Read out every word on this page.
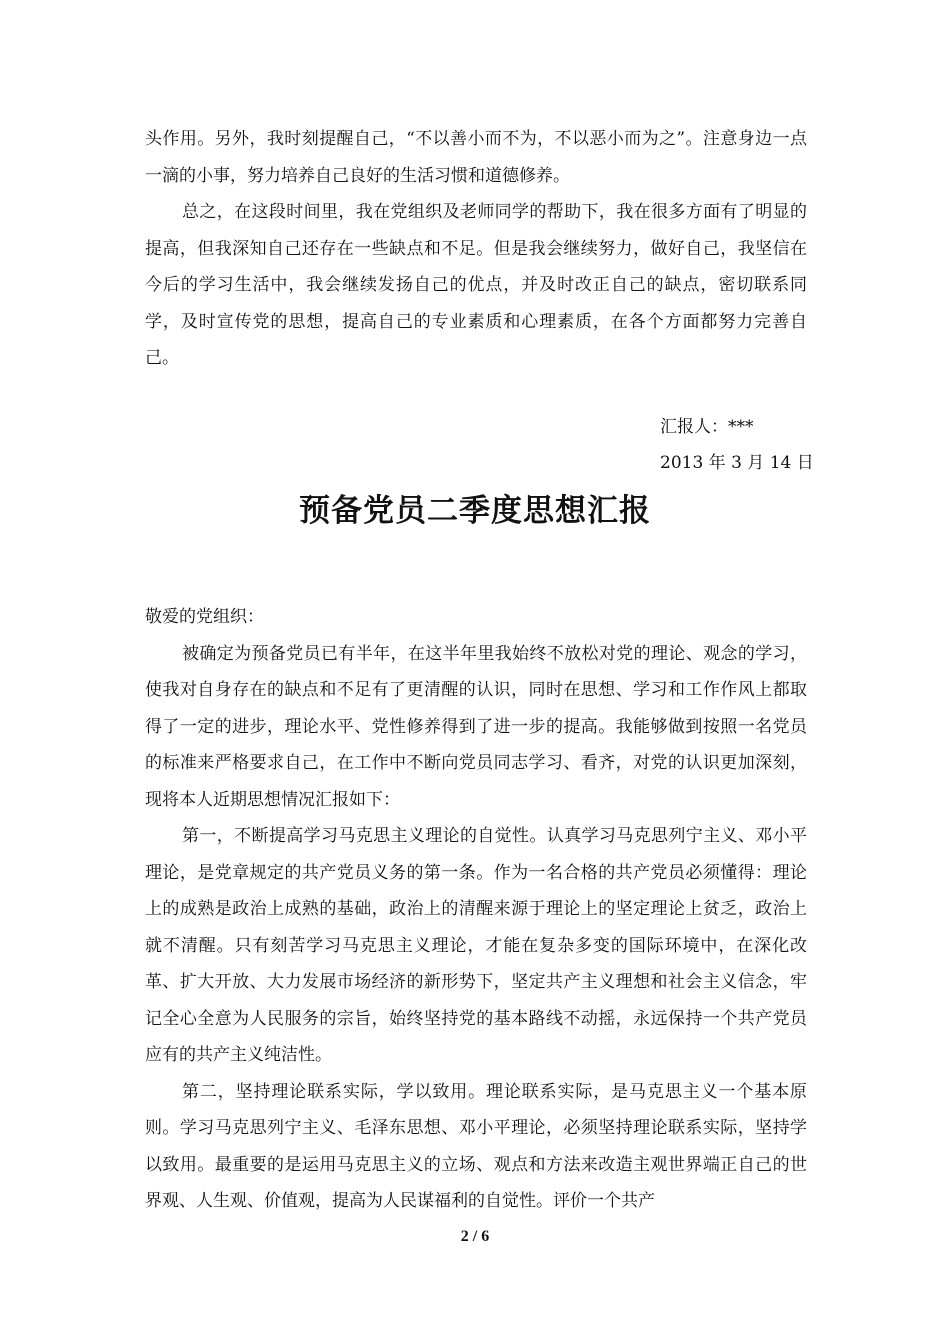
头作用。另外，我时刻提醒自己，“不以善小而不为，不以恶小而为之”。注意身边一点一滴的小事，努力培养自己良好的生活习惯和道德修养。

总之，在这段时间里，我在党组织及老师同学的帮助下，我在很多方面有了明显的提高，但我深知自己还存在一些缺点和不足。但是我会继续努力，做好自己，我坚信在今后的学习生活中，我会继续发扬自己的优点，并及时改正自己的缺点，密切联系同学，及时宣传党的思想，提高自己的专业素质和心理素质，在各个方面都努力完善自己。

汇报人：***
2013 年 3 月 14 日
预备党员二季度思想汇报

敬爱的党组织：

被确定为预备党员已有半年，在这半年里我始终不放松对党的理论、观念的学习，使我对自身存在的缺点和不足有了更清醒的认识，同时在思想、学习和工作作风上都取得了一定的进步，理论水平、党性修养得到了进一步的提高。我能够做到按照一名党员的标准来严格要求自己，在工作中不断向党员同志学习、看齐，对党的认识更加深刻，现将本人近期思想情况汇报如下：

第一，不断提高学习马克思主义理论的自觉性。认真学习马克思列宁主义、邓小平理论，是党章规定的共产党员义务的第一条。作为一名合格的共产党员必须懂得：理论上的成熟是政治上成熟的基础，政治上的清醒来源于理论上的坚定理论上贫乏，政治上就不清醒。只有刻苦学习马克思主义理论，才能在复杂多变的国际环境中，在深化改革、扩大开放、大力发展市场经济的新形势下，坚定共产主义理想和社会主义信念，牢记全心全意为人民服务的宗旨，始终坚持党的基本路线不动摇，永远保持一个共产党员应有的共产主义纯洁性。

第二，坚持理论联系实际，学以致用。理论联系实际，是马克思主义一个基本原则。学习马克思列宁主义、毛泽东思想、邓小平理论，必须坚持理论联系实际，坚持学以致用。最重要的是运用马克思主义的立场、观点和方法来改造主观世界端正自己的世界观、人生观、价值观，提高为人民谋福利的自觉性。评价一个共产

2 / 6
